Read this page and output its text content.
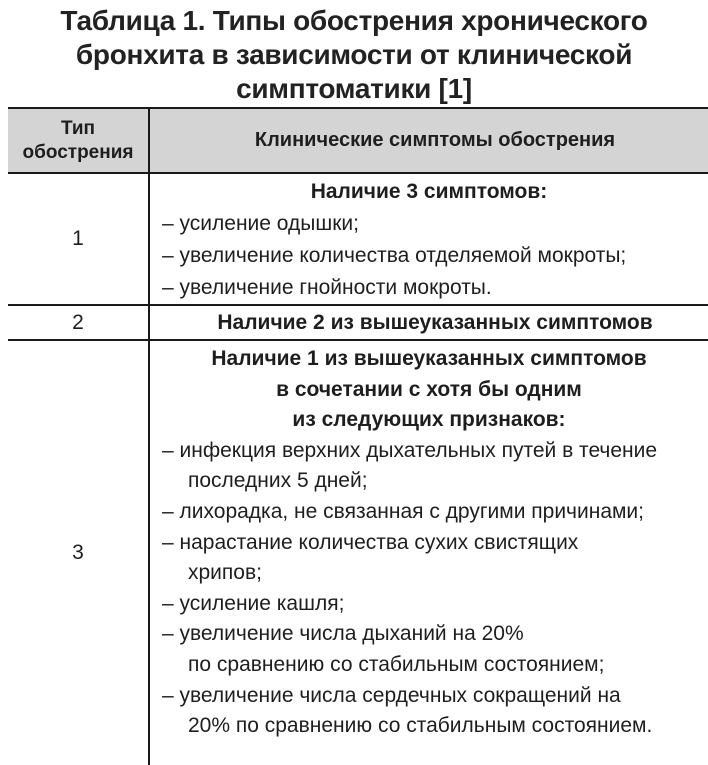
Таблица 1. Типы обострения хронического
бронхита в зависимости от клинической
симптоматики [1]
Тип
обострения
Клинические симптомы обострения
1
Наличие 3 симптомов:
– усиление одышки;
– увеличение количества отделяемой мокроты;
– увеличение гнойности мокроты.
2	Наличие 2 из вышеуказанных симптомов
3
Наличие 1 из вышеуказанных симптомов
в сочетании с хотя бы одним
из следующих признаков:
– инфекция верхних дыхательных путей в течение
последних 5 дней;
– лихорадка, не связанная с другими причинами;
– нарастание количества сухих свистящих
хрипов;
– усиление кашля;
– увеличение числа дыханий на 20%
по сравнению со стабильным состоянием;
– увеличение числа сердечных сокращений на
20% по сравнению со стабильным состоянием.
